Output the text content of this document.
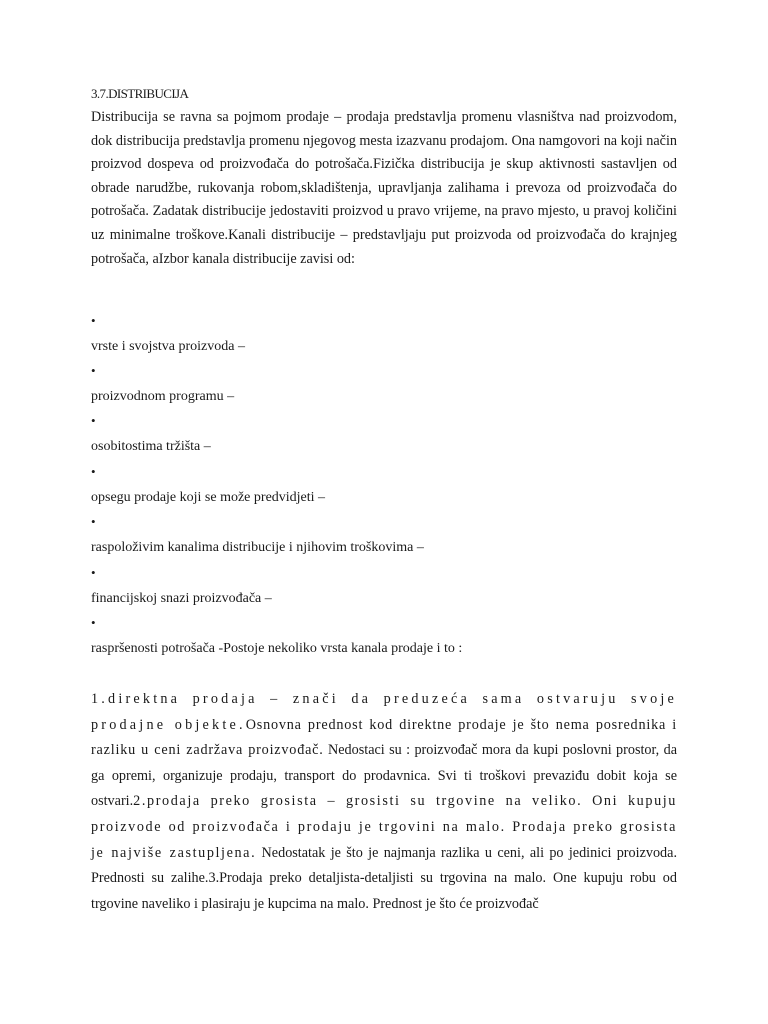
3.7.DISTRIBUCIJA

Distribucija se ravna sa pojmom prodaje – prodaja predstavlja promenu vlasništva nad proizvodom, dok distribucija predstavlja promenu njegovog mesta izazvanu prodajom. Ona namgovori na koji način proizvod dospeva od proizvođača do potrošača.Fizička distribucija je skup aktivnosti sastavljen od obrade narudžbe, rukovanja robom,skladištenja, upravljanja zalihama i prevoza od proizvođača do potrošača. Zadatak distribucije jedostaviti proizvod u pravo vrijeme, na pravo mjesto, u pravoj količini uz minimalne troškove.Kanali distribucije – predstavljaju put proizvoda od proizvođača do krajnjeg potrošača, aIzbor kanala distribucije zavisi od:

•
vrste i svojstva proizvoda –
•
proizvodnom programu –
•
osobitostima tržišta –
•
opsegu prodaje koji se može predvidjeti –
•
raspoloživim kanalima distribucije i njihovim troškovima –
•
financijskoj snazi proizvođača –
•
raspršenosti potrošača -Postoje nekoliko vrsta kanala prodaje i to :

1.direktna prodaja – znači da preduzeća sama ostvaruju svoje prodajne objekte.Osnovna prednost kod direktne prodaje je što nema posrednika i razliku u ceni zadržava proizvođač. Nedostaci su : proizvođač mora da kupi poslovni prostor, da ga opremi, organizuje prodaju, transport do prodavnica. Svi ti troškovi prevaziđu dobit koja se ostvari.2.prodaja preko grosista – grosisti su trgovine na veliko. Oni kupuju proizvode od proizvođača i prodaju je trgovini na malo. Prodaja preko grosista je najviše zastupljena. Nedostatak je što je najmanja razlika u ceni, ali po jedinici proizvoda. Prednosti su zalihe.3.Prodaja preko detaljista-detaljisti su trgovina na malo. One kupuju robu od trgovine naveliko i plasiraju je kupcima na malo. Prednost je što će proizvođač
